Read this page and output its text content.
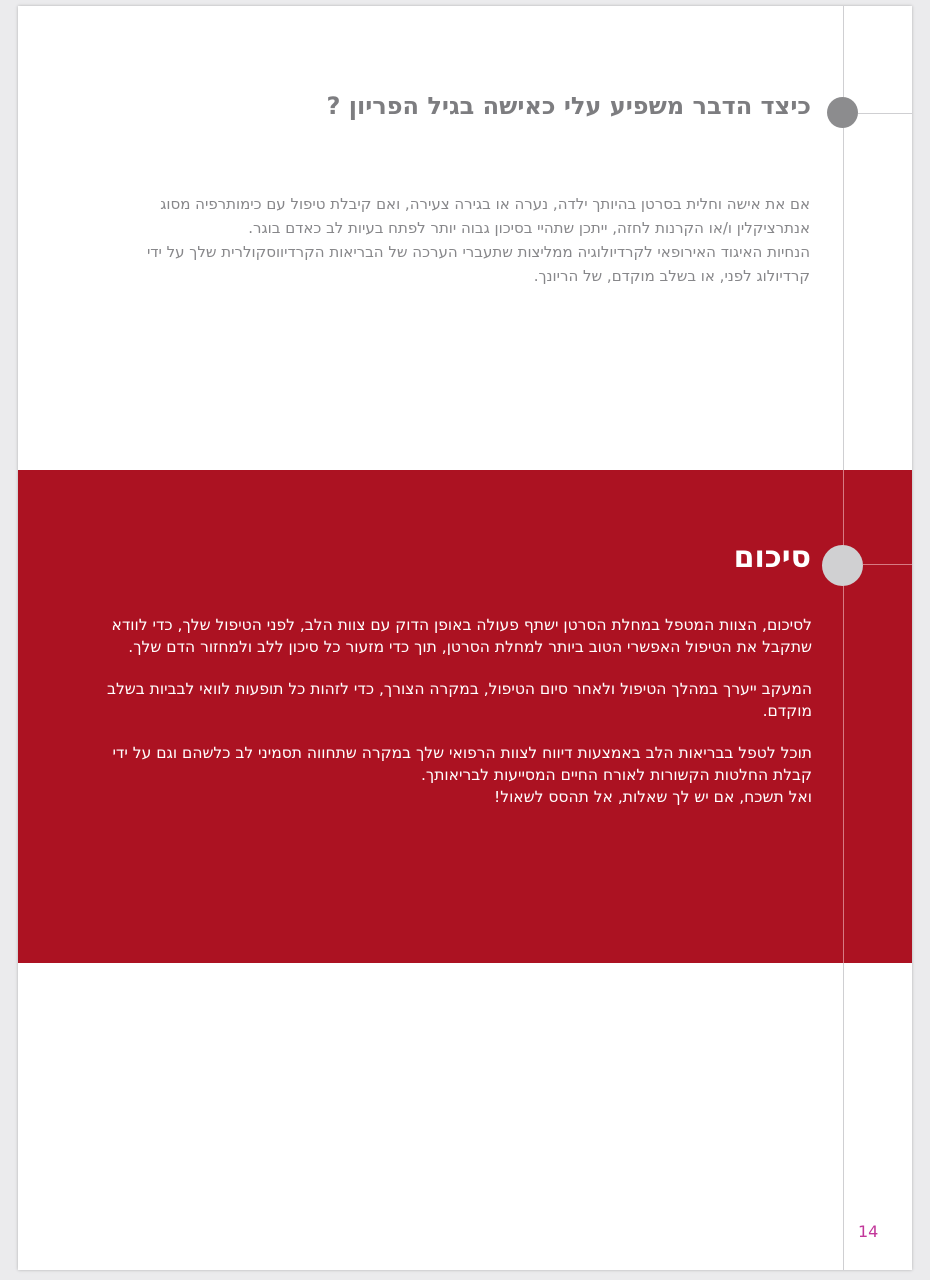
כיצד הדבר משפיע עלי כאישה בגיל הפריון ?

אם את אישה וחלית בסרטן בהיותך ילדה, נערה או בגירה צעירה, ואם קיבלת טיפול עם כימותרפיה מסוג אנתרציקלין ו/או הקרנות לחזה, ייתכן שתהיי בסיכון גבוה יותר לפתח בעיות לב כאדם בוגר.

הנחיות האיגוד האירופאי לקרדיולוגיה ממליצות שתעברי הערכה של הבריאות הקרדיווסקולרית שלך על ידי קרדיולוג לפני, או בשלב מוקדם, של הריונך.

סיכום

לסיכום, הצוות המטפל במחלת הסרטן ישתף פעולה באופן הדוק עם צוות הלב, לפני הטיפול שלך, כדי לוודא שתקבל את הטיפול האפשרי הטוב ביותר למחלת הסרטן, תוך כדי מזעור כל סיכון ללב ולמחזור הדם שלך.

המעקב ייערך במהלך הטיפול ולאחר סיום הטיפול, במקרה הצורך, כדי לזהות כל תופעות לוואי לבביות בשלב מוקדם.

תוכל לטפל בבריאות הלב באמצעות דיווח לצוות הרפואי שלך במקרה שתחווה תסמיני לב כלשהם וגם על ידי קבלת החלטות הקשורות לאורח החיים המסייעות לבריאותך.

ואל תשכח, אם יש לך שאלות, אל תהסס לשאול!

14
